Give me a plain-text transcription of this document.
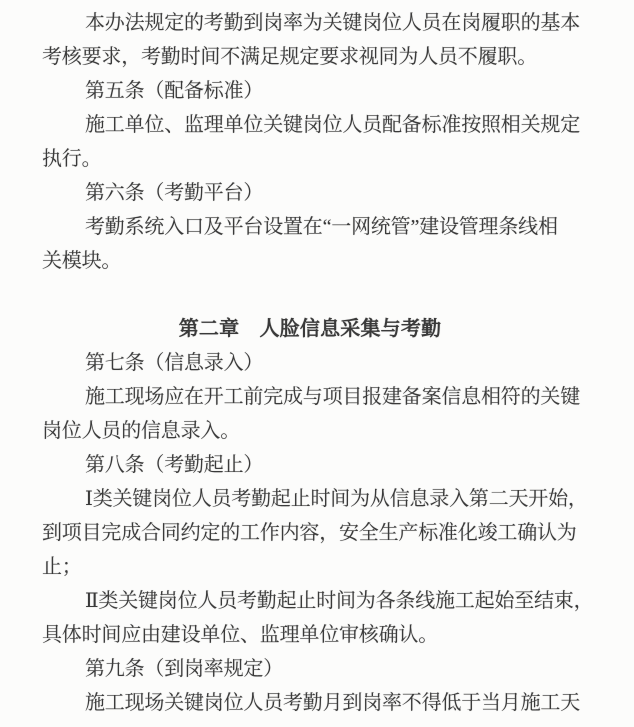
本办法规定的考勤到岗率为关键岗位人员在岗履职的基本
考核要求，考勤时间不满足规定要求视同为人员不履职。
第五条（配备标准）
施工单位、监理单位关键岗位人员配备标准按照相关规定
执行。
第六条（考勤平台）
考勤系统入口及平台设置在“一网统管”建设管理条线相
关模块。
第二章　人脸信息采集与考勤
第七条（信息录入）
施工现场应在开工前完成与项目报建备案信息相符的关键
岗位人员的信息录入。
第八条（考勤起止）
Ⅰ类关键岗位人员考勤起止时间为从信息录入第二天开始，
到项目完成合同约定的工作内容，安全生产标准化竣工确认为
止；
Ⅱ类关键岗位人员考勤起止时间为各条线施工起始至结束，
具体时间应由建设单位、监理单位审核确认。
第九条（到岗率规定）
施工现场关键岗位人员考勤月到岗率不得低于当月施工天
